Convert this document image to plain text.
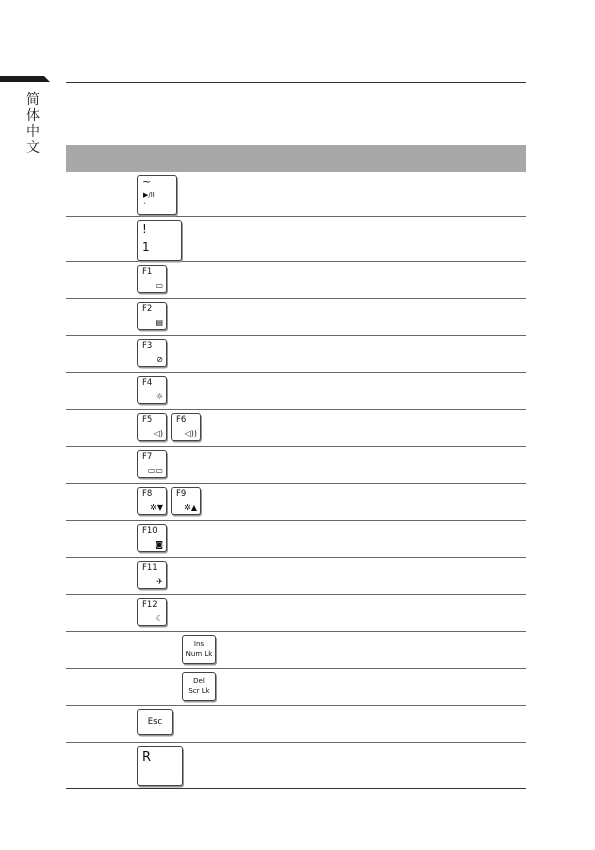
简体中文
~
▶/II
`
!
1
F1
▭
F2
▤
F3
⊘
F4
☼
F5
◁)
F6
◁))
F7
▭▭
F8
✲▼
F9
✲▲
F10
◙
F11
✈
F12
☾
Ins
Num Lk
Del
Scr Lk
Esc
R
